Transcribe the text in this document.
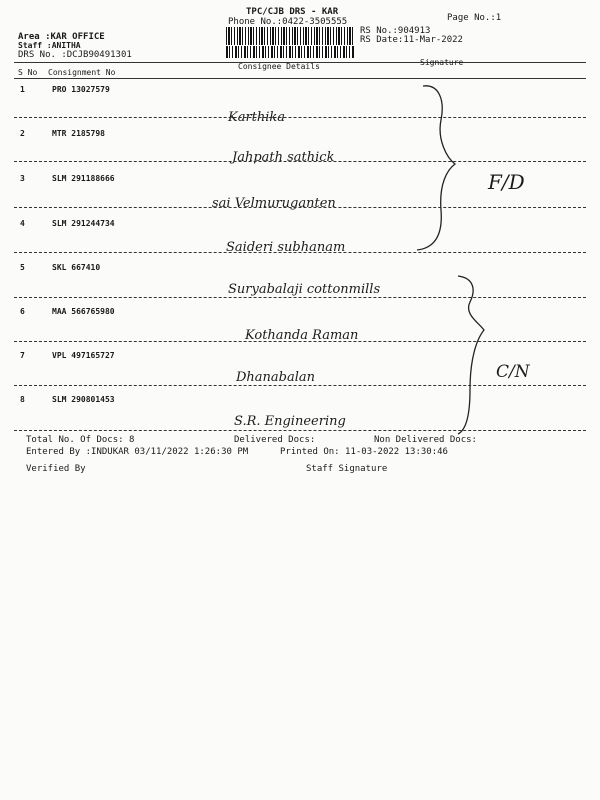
TPC/CJB DRS - KAR
Phone No.:0422-3505555	Page No.:1
RS No.:904913
RS Date:11-Mar-2022
Area :KAR OFFICE
Staff :ANITHA
DRS No. :DCJB90491301
S No Consignment No
Consignee Details	Signature
1	PRO 13027579
Karthika
2	MTR 2185798
Jahpath sathick
3	SLM 291188666
sai Velmuruganten
4	SLM 291244734
Saideri subhanam
5	SKL 667410
Suryabalaji cottonmills
6	MAA 566765980
Kothanda Raman
7	VPL 497165727
Dhanabalan
8	SLM 290801453
S.R. Engineering
F/D
C/N
Total No. Of Docs: 8	Delivered Docs:	Non Delivered Docs:
Entered By :INDUKAR 03/11/2022 1:26:30 PM	Printed On: 11-03-2022 13:30:46
Verified By	Staff Signature
